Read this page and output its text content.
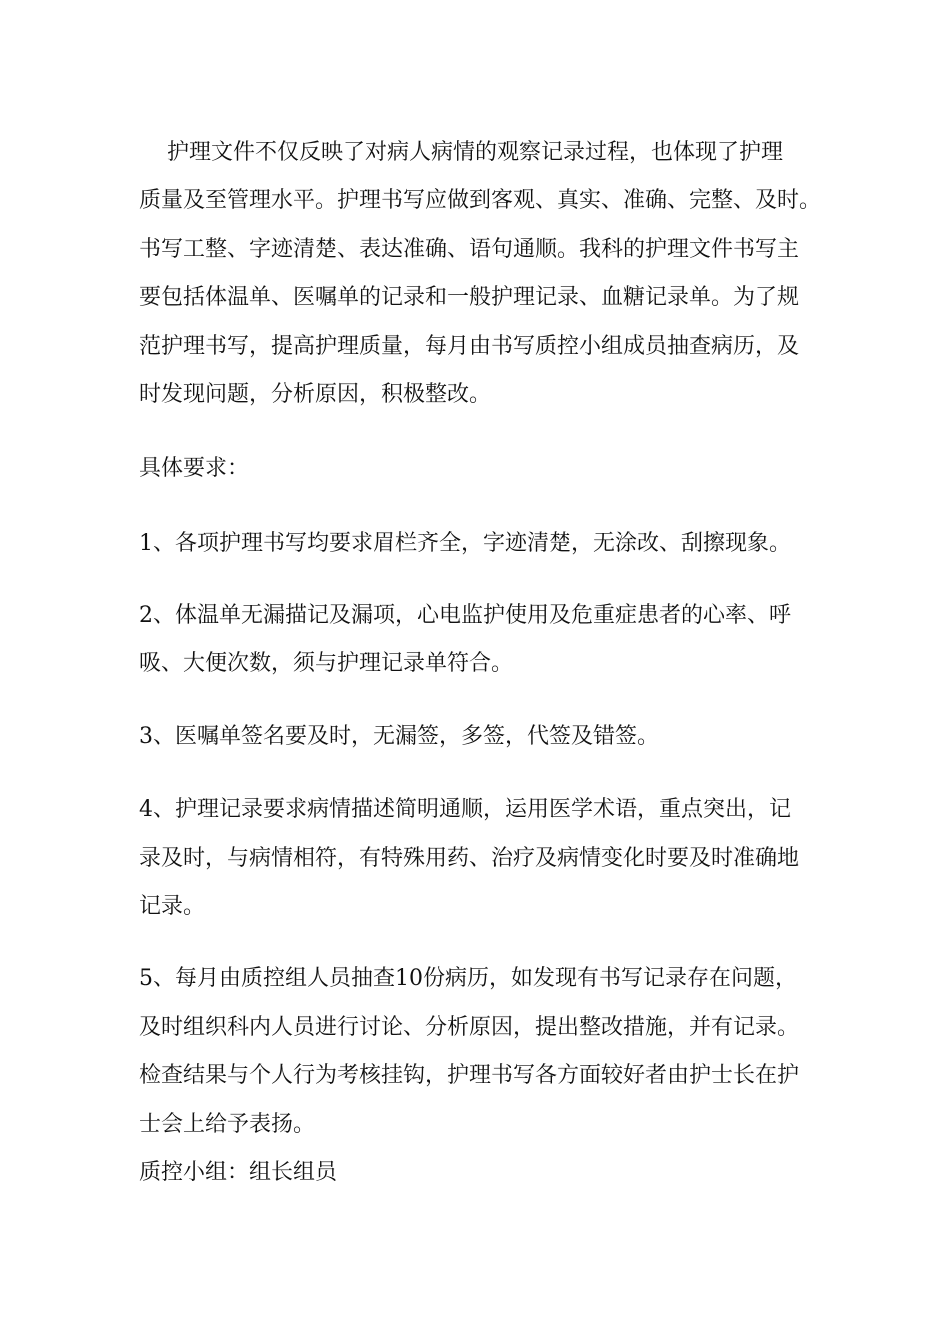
护理文件不仅反映了对病人病情的观察记录过程，也体现了护理
质量及至管理水平。护理书写应做到客观、真实、准确、完整、及时。
书写工整、字迹清楚、表达准确、语句通顺。我科的护理文件书写主
要包括体温单、医嘱单的记录和一般护理记录、血糖记录单。为了规
范护理书写，提高护理质量，每月由书写质控小组成员抽查病历，及
时发现问题，分析原因，积极整改。
具体要求：
1、各项护理书写均要求眉栏齐全，字迹清楚，无涂改、刮擦现象。
2、体温单无漏描记及漏项，心电监护使用及危重症患者的心率、呼
吸、大便次数，须与护理记录单符合。
3、医嘱单签名要及时，无漏签，多签，代签及错签。
4、护理记录要求病情描述简明通顺，运用医学术语，重点突出，记
录及时，与病情相符，有特殊用药、治疗及病情变化时要及时准确地
记录。
5、每月由质控组人员抽查10份病历，如发现有书写记录存在问题，
及时组织科内人员进行讨论、分析原因，提出整改措施，并有记录。
检查结果与个人行为考核挂钩，护理书写各方面较好者由护士长在护
士会上给予表扬。
质控小组：组长组员
